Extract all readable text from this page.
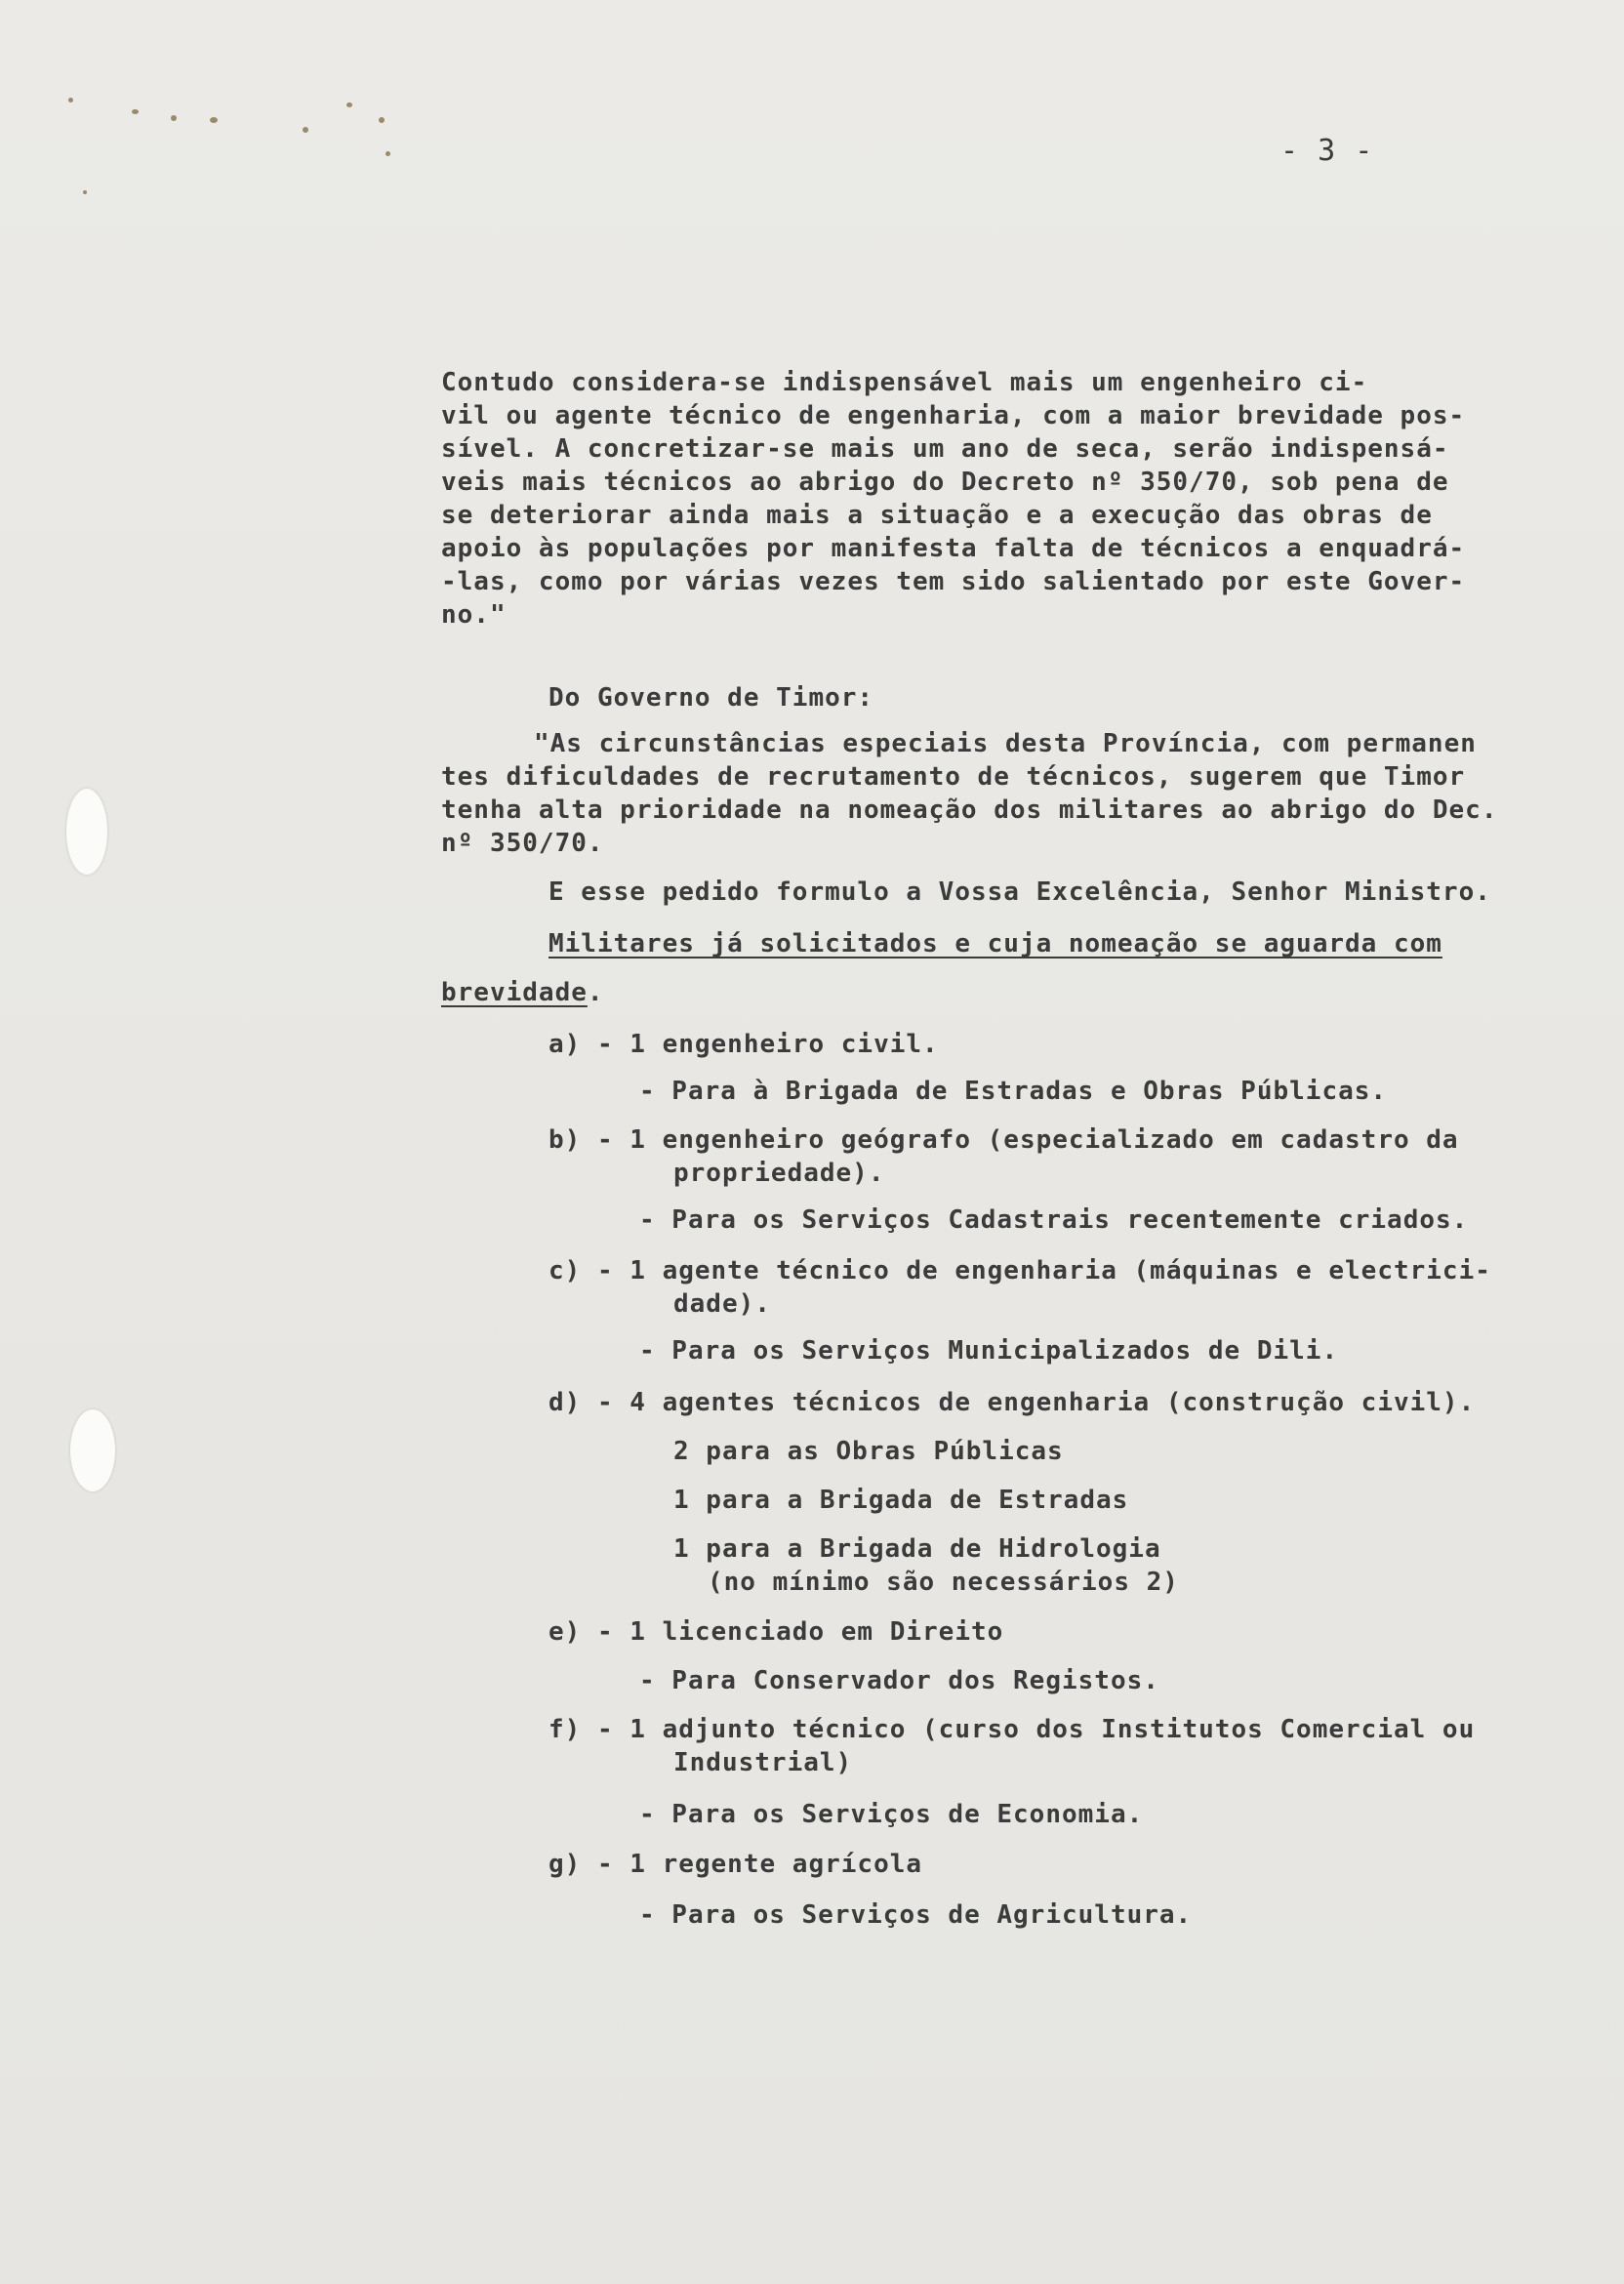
- 3 -
Contudo considera-se indispensável mais um engenheiro ci-
vil ou agente técnico de engenharia, com a maior brevidade pos-
sível. A concretizar-se mais um ano de seca, serão indispensá-
veis mais técnicos ao abrigo do Decreto nº 350/70, sob pena de
se deteriorar ainda mais a situação e a execução das obras de
apoio às populações por manifesta falta de técnicos a enquadrá-
-las, como por várias vezes tem sido salientado por este Gover-
no."
Do Governo de Timor:
"As circunstâncias especiais desta Província, com permanen
tes dificuldades de recrutamento de técnicos, sugerem que Timor
tenha alta prioridade na nomeação dos militares ao abrigo do Dec.
nº 350/70.
E esse pedido formulo a Vossa Excelência, Senhor Ministro.
Militares já solicitados e cuja nomeação se aguarda com
brevidade.
a) - 1 engenheiro civil.
- Para à Brigada de Estradas e Obras Públicas.
b) - 1 engenheiro geógrafo (especializado em cadastro da
propriedade).
- Para os Serviços Cadastrais recentemente criados.
c) - 1 agente técnico de engenharia (máquinas e electrici-
dade).
- Para os Serviços Municipalizados de Dili.
d) - 4 agentes técnicos de engenharia (construção civil).
2 para as Obras Públicas
1 para a Brigada de Estradas
1 para a Brigada de Hidrologia
(no mínimo são necessários 2)
e) - 1 licenciado em Direito
- Para Conservador dos Registos.
f) - 1 adjunto técnico (curso dos Institutos Comercial ou
Industrial)
- Para os Serviços de Economia.
g) - 1 regente agrícola
- Para os Serviços de Agricultura.
